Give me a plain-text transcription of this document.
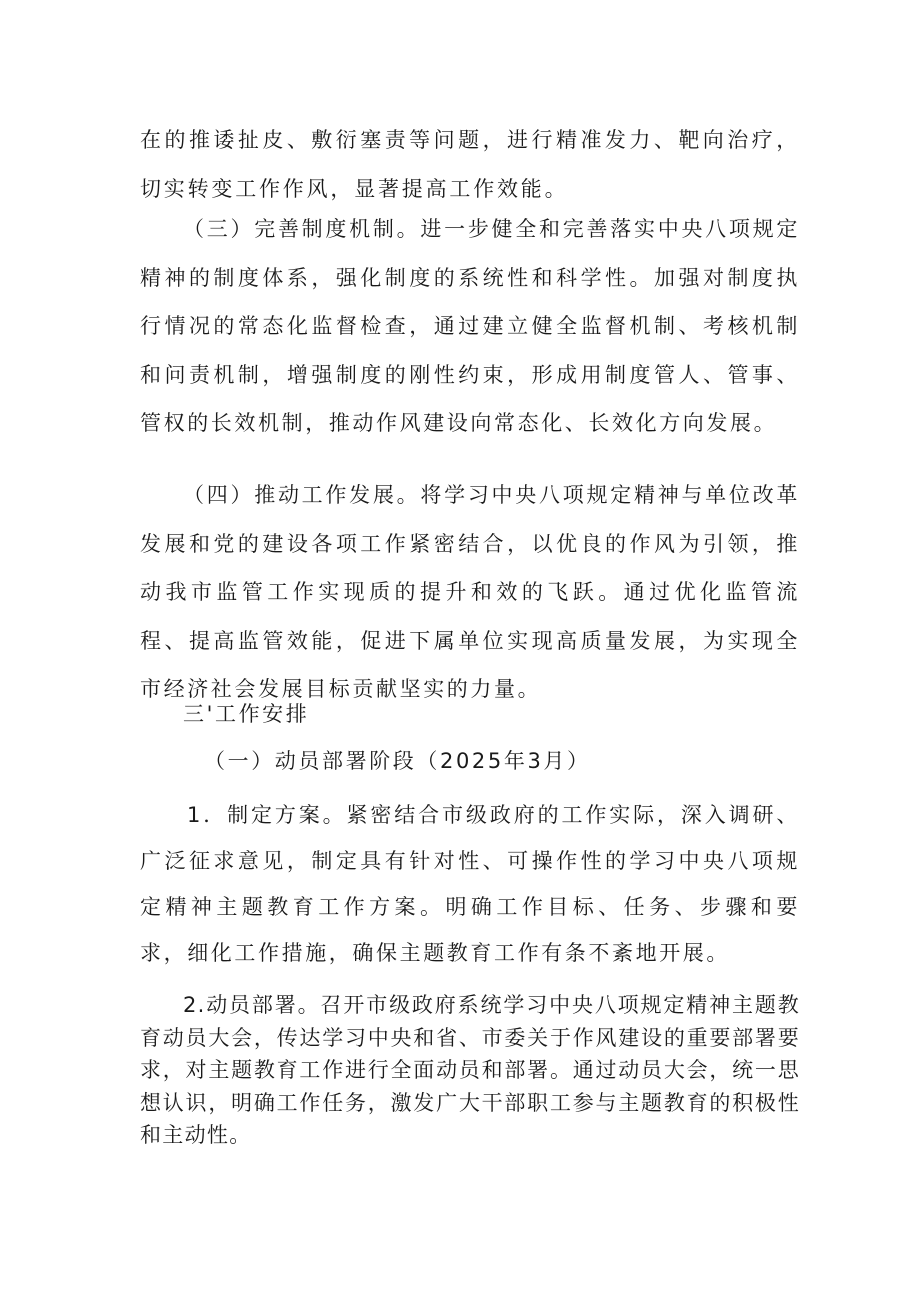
在的推诿扯皮、敷衍塞责等问题，进行精准发力、靶向治疗，切实转变工作作风，显著提高工作效能。

（三）完善制度机制。进一步健全和完善落实中央八项规定精神的制度体系，强化制度的系统性和科学性。加强对制度执行情况的常态化监督检查，通过建立健全监督机制、考核机制和问责机制，增强制度的刚性约束，形成用制度管人、管事、管权的长效机制，推动作风建设向常态化、长效化方向发展。

（四）推动工作发展。将学习中央八项规定精神与单位改革发展和党的建设各项工作紧密结合，以优良的作风为引领，推动我市监管工作实现质的提升和效的飞跃。通过优化监管流程、提高监管效能，促进下属单位实现高质量发展，为实现全市经济社会发展目标贡献坚实的力量。

三'工作安排

（一）动员部署阶段（2025年3月）

1．制定方案。紧密结合市级政府的工作实际，深入调研、广泛征求意见，制定具有针对性、可操作性的学习中央八项规定精神主题教育工作方案。明确工作目标、任务、步骤和要求，细化工作措施，确保主题教育工作有条不紊地开展。

2.动员部署。召开市级政府系统学习中央八项规定精神主题教育动员大会，传达学习中央和省、市委关于作风建设的重要部署要求，对主题教育工作进行全面动员和部署。通过动员大会，统一思想认识，明确工作任务，激发广大干部职工参与主题教育的积极性和主动性。
